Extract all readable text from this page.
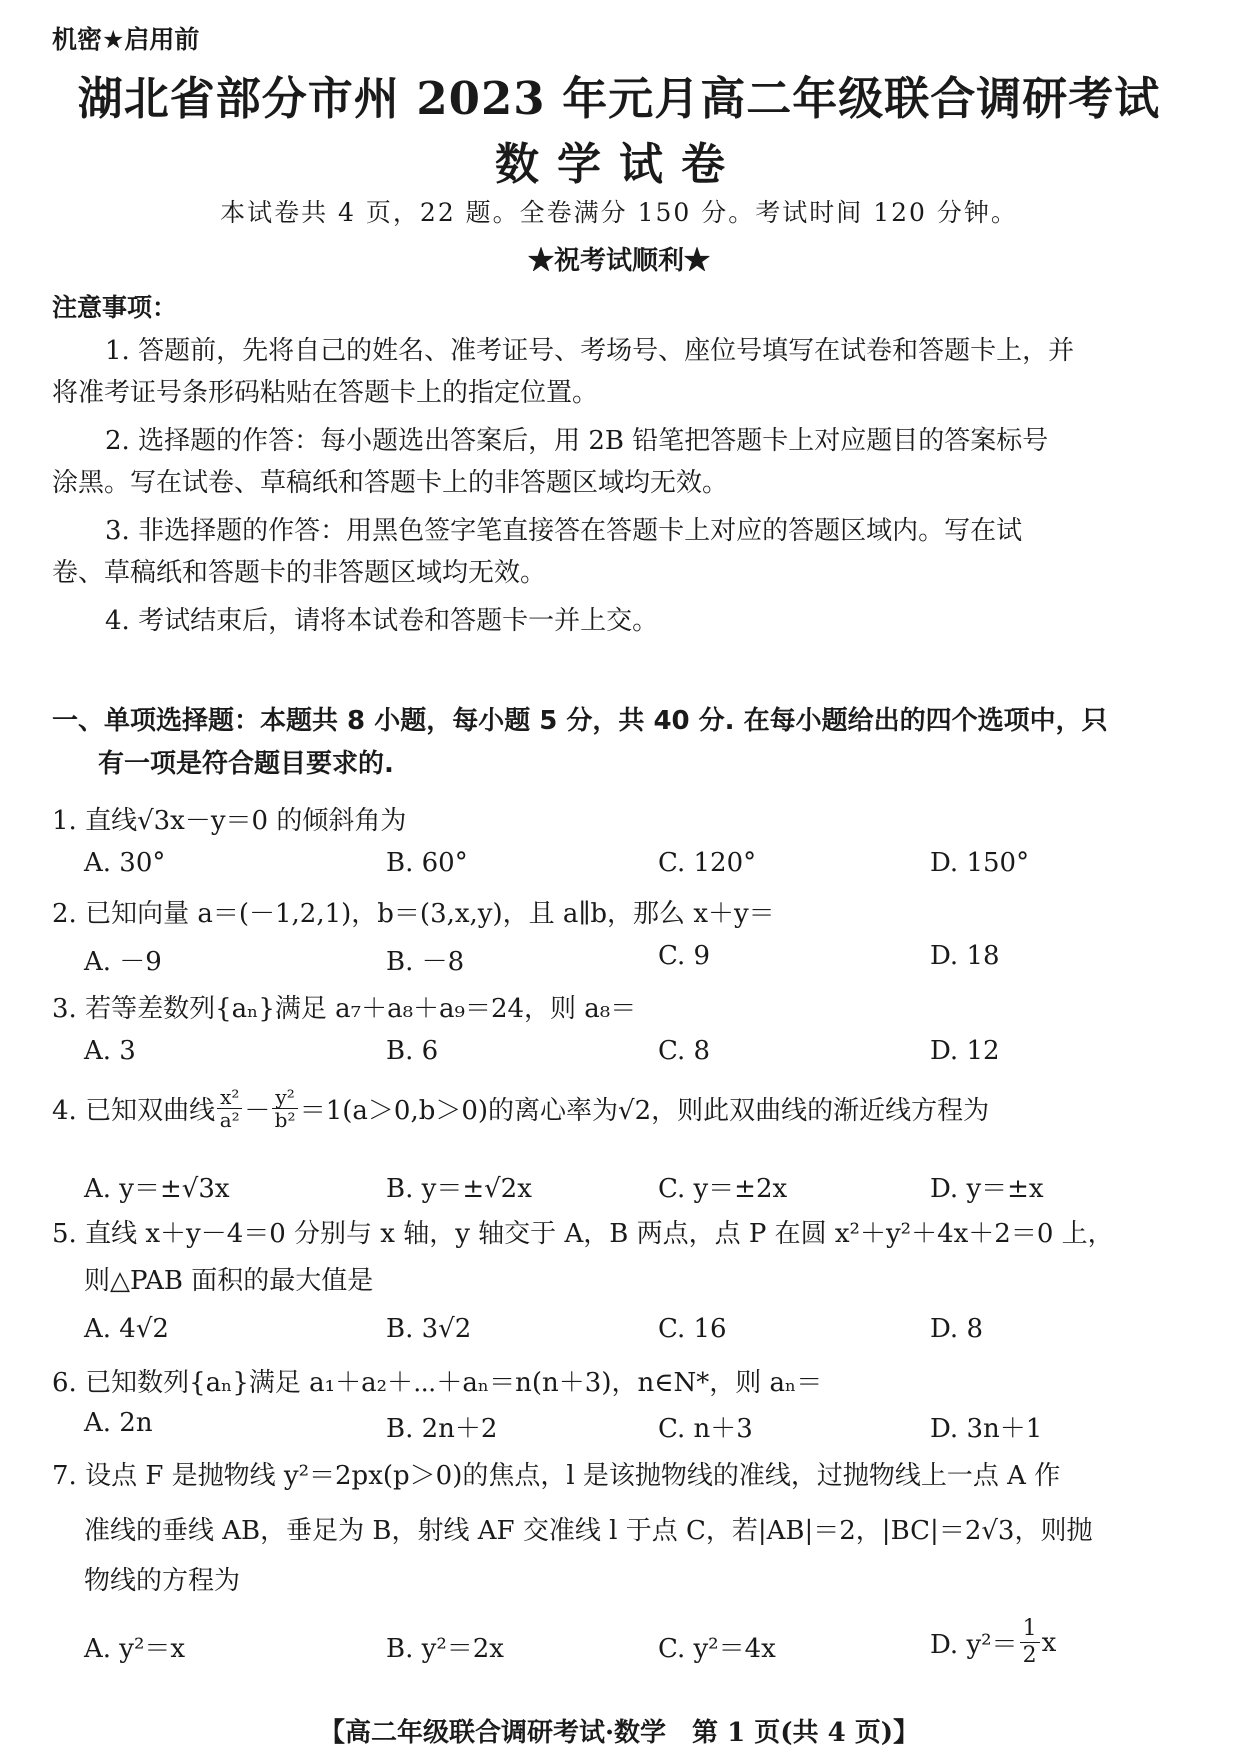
机密★启用前
湖北省部分市州 2023 年元月高二年级联合调研考试
数学试卷
本试卷共 4 页，22 题。全卷满分 150 分。考试时间 120 分钟。
★祝考试顺利★
注意事项：
1. 答题前，先将自己的姓名、准考证号、考场号、座位号填写在试卷和答题卡上，并
将准考证号条形码粘贴在答题卡上的指定位置。
2. 选择题的作答：每小题选出答案后，用 2B 铅笔把答题卡上对应题目的答案标号
涂黑。写在试卷、草稿纸和答题卡上的非答题区域均无效。
3. 非选择题的作答：用黑色签字笔直接答在答题卡上对应的答题区域内。写在试
卷、草稿纸和答题卡的非答题区域均无效。
4. 考试结束后，请将本试卷和答题卡一并上交。
一、单项选择题：本题共 8 小题，每小题 5 分，共 40 分. 在每小题给出的四个选项中，只
有一项是符合题目要求的.
1. 直线√3x－y＝0 的倾斜角为
A. 30°	B. 60°	C. 120°	D. 150°
2. 已知向量 a＝(－1,2,1)，b＝(3,x,y)，且 a∥b，那么 x＋y＝
A. －9	B. －8	C. 9	D. 18
3. 若等差数列{aₙ}满足 a₇＋a₈＋a₉＝24，则 a₈＝
A. 3	B. 6	C. 8	D. 12
4. 已知双曲线 $\frac{\text{x²}}{\text{a²}} - \frac{\text{y²}}{\text{b²}} =1(a>0,b>0)$的离心率为√2，则此双曲线的渐近线方程为
A. y＝±√3x	B. y＝±√2x	C. y＝±2x	D. y＝±x
5. 直线 x＋y－4＝0 分别与 x 轴，y 轴交于 A，B 两点，点 P 在圆 x²＋y²＋4x＋2＝0 上，
则△PAB 面积的最大值是
A. 4√2	B. 3√2	C. 16	D. 8
6. 已知数列{aₙ}满足 a₁＋a₂＋⋯＋aₙ＝n(n＋3)，n∈N*，则 aₙ＝
A. 2n	B. 2n＋2	C. n＋3	D. 3n＋1
7. 设点 F 是抛物线 y²＝2px(p＞0)的焦点，l 是该抛物线的准线，过抛物线上一点 A 作
准线的垂线 AB，垂足为 B，射线 AF 交准线 l 于点 C，若|AB|＝2，|BC|＝2√3，则抛
物线的方程为
A. y²＝x	B. y²＝2x	C. y²＝4x	D. $y^2= \frac{1}{2}$ x
【高二年级联合调研考试·数学　第 1 页(共 4 页)】
